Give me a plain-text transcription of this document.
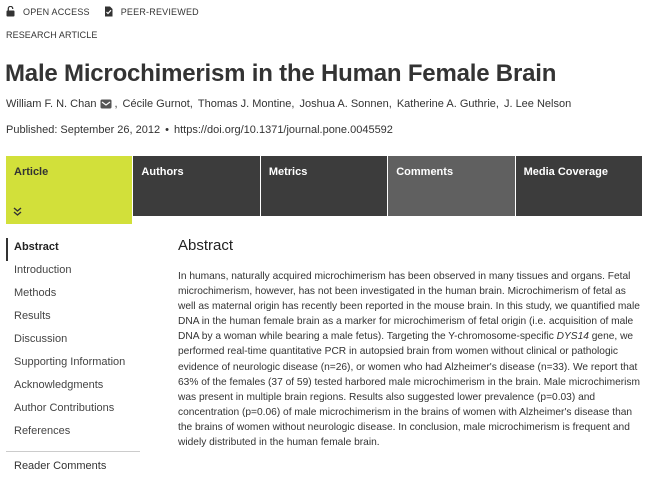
OPEN ACCESS	PEER-REVIEWED
RESEARCH ARTICLE
Male Microchimerism in the Human Female Brain
William F. N. Chan , Cécile Gurnot , Thomas J. Montine , Joshua A. Sonnen , Katherine A. Guthrie , J. Lee Nelson
Published: September 26, 2012 • https://doi.org/10.1371/journal.pone.0045592
Article	Authors	Metrics	Comments	Media Coverage
Abstract
Introduction
Methods
Results
Discussion
Supporting Information
Acknowledgments
Author Contributions
References
Reader Comments
Abstract

In humans, naturally acquired microchimerism has been observed in many tissues and organs. Fetal microchimerism, however, has not been investigated in the human brain. Microchimerism of fetal as well as maternal origin has recently been reported in the mouse brain. In this study, we quantified male DNA in the human female brain as a marker for microchimerism of fetal origin (i.e. acquisition of male DNA by a woman while bearing a male fetus). Targeting the Y-chromosome-specific DYS14 gene, we performed real-time quantitative PCR in autopsied brain from women without clinical or pathologic evidence of neurologic disease (n=26), or women who had Alzheimer's disease (n=33). We report that 63% of the females (37 of 59) tested harbored male microchimerism in the brain. Male microchimerism was present in multiple brain regions. Results also suggested lower prevalence (p=0.03) and concentration (p=0.06) of male microchimerism in the brains of women with Alzheimer's disease than the brains of women without neurologic disease. In conclusion, male microchimerism is frequent and widely distributed in the human female brain.
